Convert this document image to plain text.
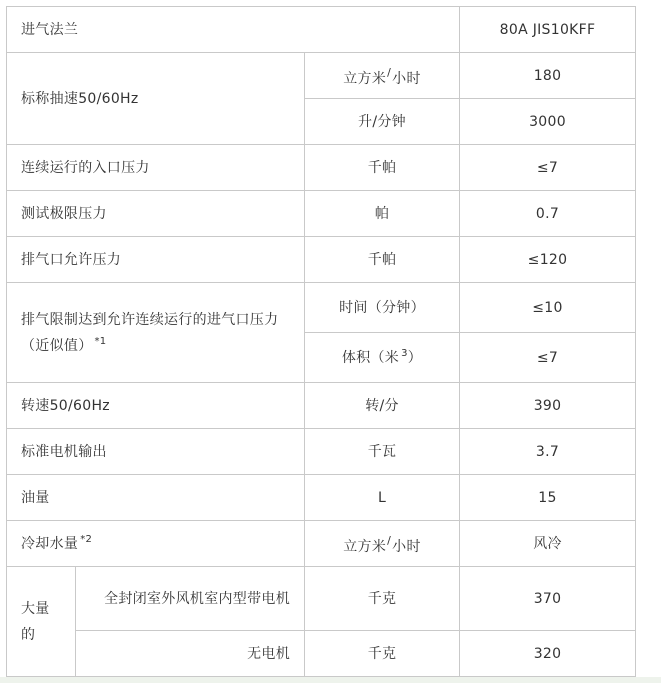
进气法兰			80A JIS10KFF
标称抽速50/60Hz		立方米/小时	180
		升/分钟	3000
连续运行的入口压力		千帕	≤7
测试极限压力		帕	0.7
排气口允许压力		千帕	≤120
排气限制达到允许连续运行的进气口压力（近似值） $^{*1}$		时间（分钟）	≤10
		体积（米 $^3$）	≤7
转速50/60Hz		转/分	390
标准电机输出		千瓦	3.7
油量		L	15
冷却水量 $^{*2}$		立方米/小时	风冷
大量的	全封闭室外风机室内型带电机	千克	370
	无电机	千克	320
